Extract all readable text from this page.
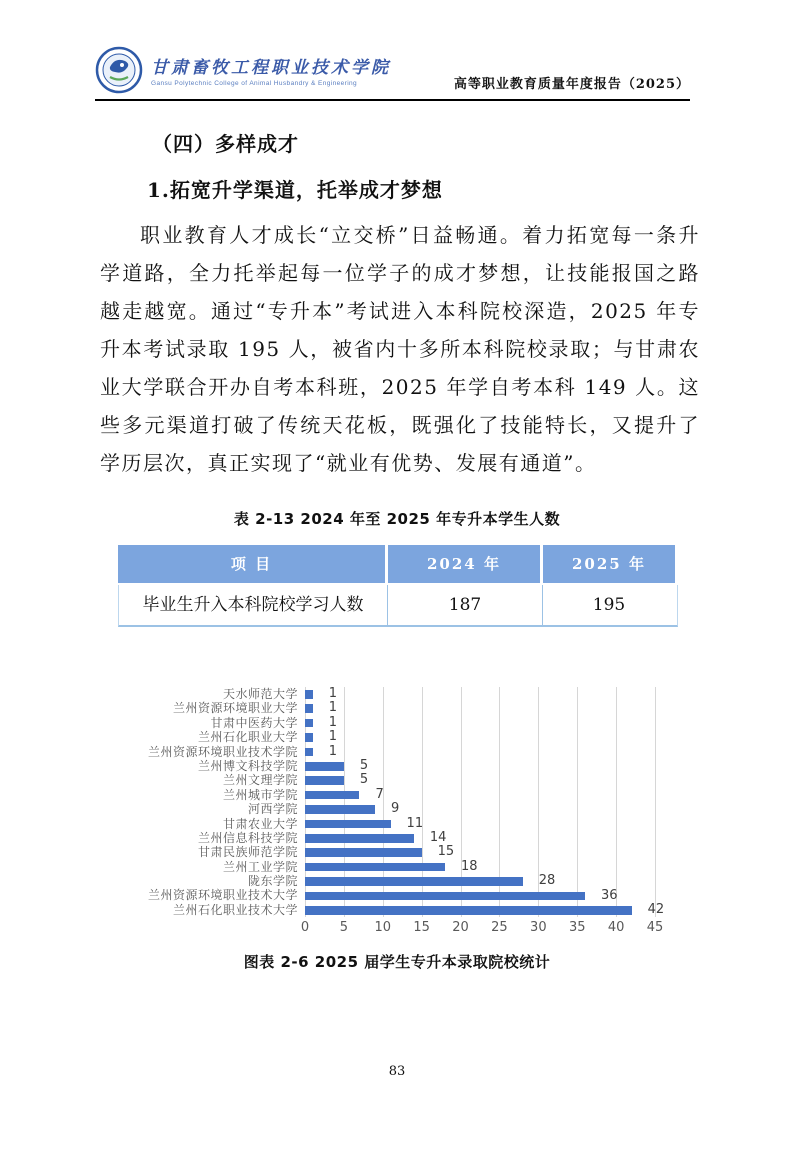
甘肃畜牧工程职业技术学院
Gansu Polytechnic College of Animal Husbandry & Engineering	高等职业教育质量年度报告（2025）
（四）多样成才
1.拓宽升学渠道，托举成才梦想

职业教育人才成长“立交桥”日益畅通。着力拓宽每一条升学道路，全力托举起每一位学子的成才梦想，让技能报国之路越走越宽。通过“专升本”考试进入本科院校深造，2025 年专升本考试录取 195 人，被省内十多所本科院校录取；与甘肃农业大学联合开办自考本科班，2025 年学自考本科 149 人。这些多元渠道打破了传统天花板，既强化了技能特长，又提升了学历层次，真正实现了“就业有优势、发展有通道”。

表 2-13 2024 年至 2025 年专升本学生人数
项 目	2024 年	2025 年
毕业生升入本科院校学习人数	187	195
天水师范大学
兰州资源环境职业大学
甘肃中医药大学
兰州石化职业大学
兰州资源环境职业技术学院
兰州博文科技学院
兰州文理学院
兰州城市学院
河西学院
甘肃农业大学
兰州信息科技学院
甘肃民族师范学院
兰州工业学院
陇东学院
兰州资源环境职业技术大学
兰州石化职业技术大学
1
1
1
1
1
5
5
7
9
11
14
15
18
28
36
42
0 5 10 15 20 25 30 35 40 45
图表 2-6 2025 届学生专升本录取院校统计
83
